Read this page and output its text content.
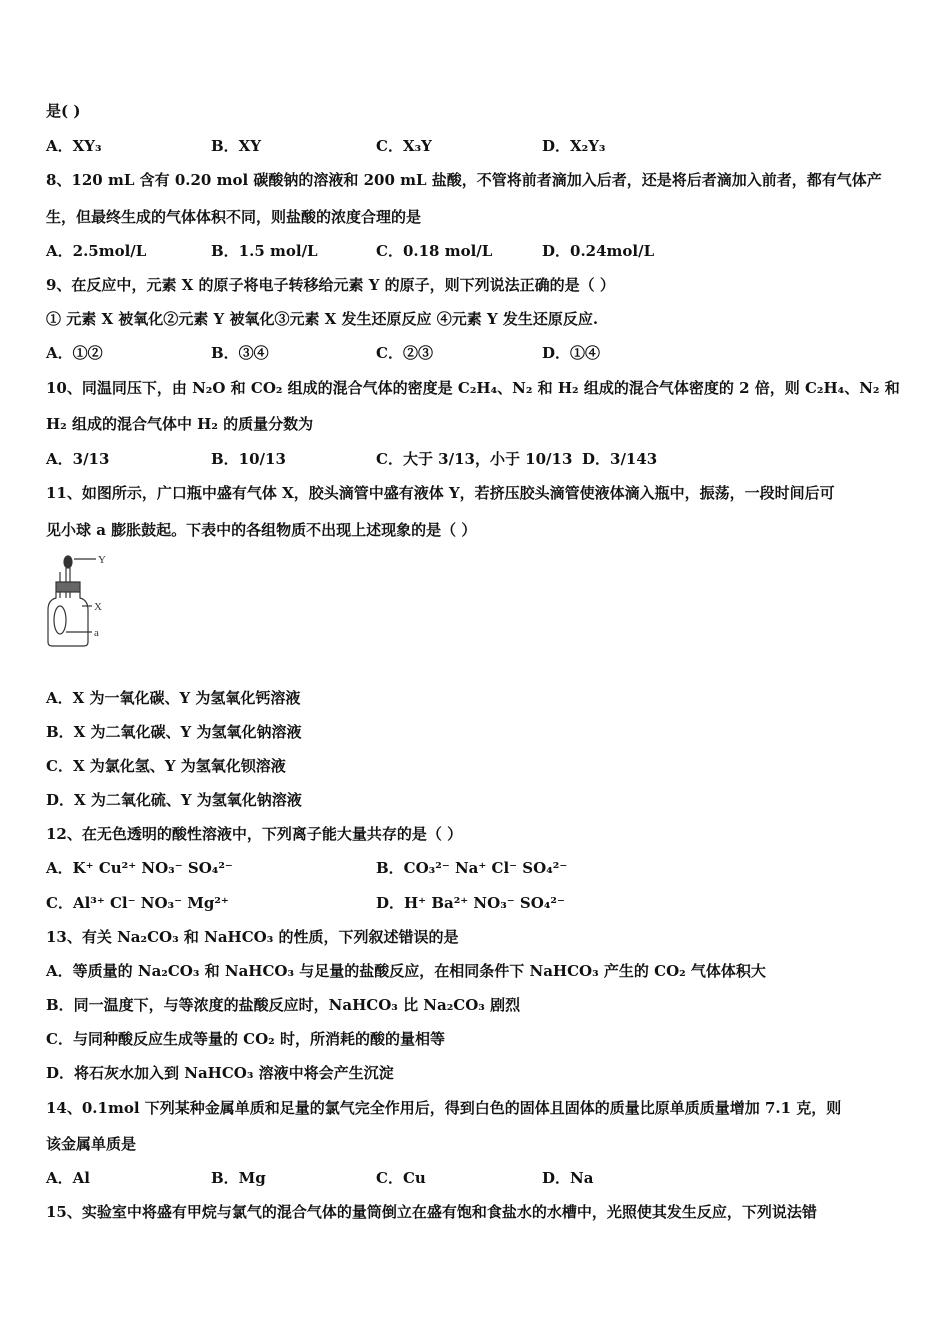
是( )
A．XY₃	B．XY	C．X₃Y	D．X₂Y₃
8、120 mL 含有 0.20 mol 碳酸钠的溶液和 200 mL 盐酸，不管将前者滴加入后者，还是将后者滴加入前者，都有气体产
生，但最终生成的气体体积不同，则盐酸的浓度合理的是
A．2.5mol/L	B．1.5 mol/L	C．0.18 mol/L	D．0.24mol/L
9、在反应中，元素 X 的原子将电子转移给元素 Y 的原子，则下列说法正确的是（ ）
① 元素 X 被氧化②元素 Y 被氧化③元素 X 发生还原反应 ④元素 Y 发生还原反应.
A．①②	B．③④	C．②③	D．①④
10、同温同压下，由 N₂O 和 CO₂ 组成的混合气体的密度是 C₂H₄、N₂ 和 H₂ 组成的混合气体密度的 2 倍，则 C₂H₄、N₂ 和
H₂ 组成的混合气体中 H₂ 的质量分数为
A．3/13	B．10/13	C．大于 3/13，小于 10/13 D．3/143
11、如图所示，广口瓶中盛有气体 X，胶头滴管中盛有液体 Y，若挤压胶头滴管使液体滴入瓶中，振荡，一段时间后可
见小球 a 膨胀鼓起。下表中的各组物质不出现上述现象的是（ ）
Y
X
a
A．X 为一氧化碳、Y 为氢氧化钙溶液
B．X 为二氧化碳、Y 为氢氧化钠溶液
C．X 为氯化氢、Y 为氢氧化钡溶液
D．X 为二氧化硫、Y 为氢氧化钠溶液
12、在无色透明的酸性溶液中，下列离子能大量共存的是（ ）
A．K⁺ Cu²⁺ NO₃⁻ SO₄²⁻	B．CO₃²⁻ Na⁺ Cl⁻ SO₄²⁻
C．Al³⁺ Cl⁻ NO₃⁻ Mg²⁺	D．H⁺ Ba²⁺ NO₃⁻ SO₄²⁻
13、有关 Na₂CO₃ 和 NaHCO₃ 的性质，下列叙述错误的是
A．等质量的 Na₂CO₃ 和 NaHCO₃ 与足量的盐酸反应，在相同条件下 NaHCO₃ 产生的 CO₂ 气体体积大
B．同一温度下，与等浓度的盐酸反应时，NaHCO₃ 比 Na₂CO₃ 剧烈
C．与同种酸反应生成等量的 CO₂ 时，所消耗的酸的量相等
D．将石灰水加入到 NaHCO₃ 溶液中将会产生沉淀
14、0.1mol 下列某种金属单质和足量的氯气完全作用后，得到白色的固体且固体的质量比原单质质量增加 7.1 克，则
该金属单质是
A．Al	B．Mg	C．Cu	D．Na
15、实验室中将盛有甲烷与氯气的混合气体的量筒倒立在盛有饱和食盐水的水槽中，光照使其发生反应，下列说法错
